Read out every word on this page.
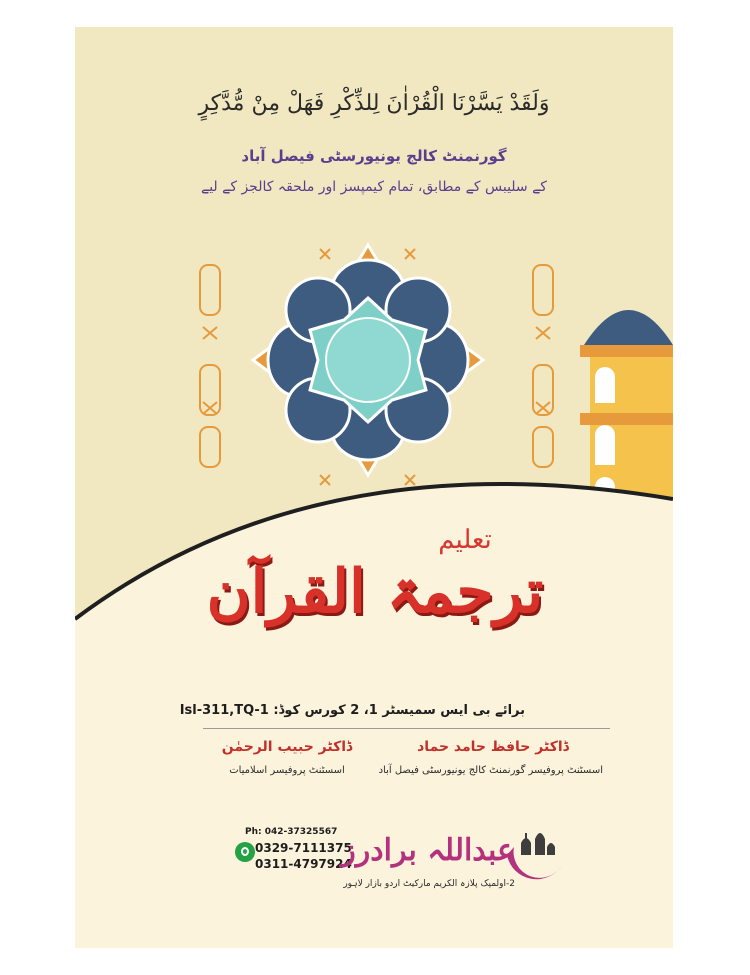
وَلَقَدْ يَسَّرْنَا الْقُرْاٰنَ لِلذِّكْرِ فَهَلْ مِنْ مُّدَّكِرٍ
گورنمنٹ کالج یونیورسٹی فیصل آباد
کے سلیبس کے مطابق، تمام کیمپسز اور ملحقہ کالجز کے لیے
تعلیم
ترجمۃ القرآن
برائے بی ایس سمیسٹر 1، 2 کورس کوڈ: Isl-311,TQ-1
ڈاکٹر حافظ حامد حماد
اسسٹنٹ پروفیسر گورنمنٹ کالج یونیورسٹی فیصل آباد
ڈاکٹر حبیب الرحمٰن
اسسٹنٹ پروفیسر اسلامیات
Ph: 042-37325567
0329-7111375
0311-4797924
عبداللہ برادرز
2-اولمپک پلازہ الکریم مارکیٹ اردو بازار لاہور
